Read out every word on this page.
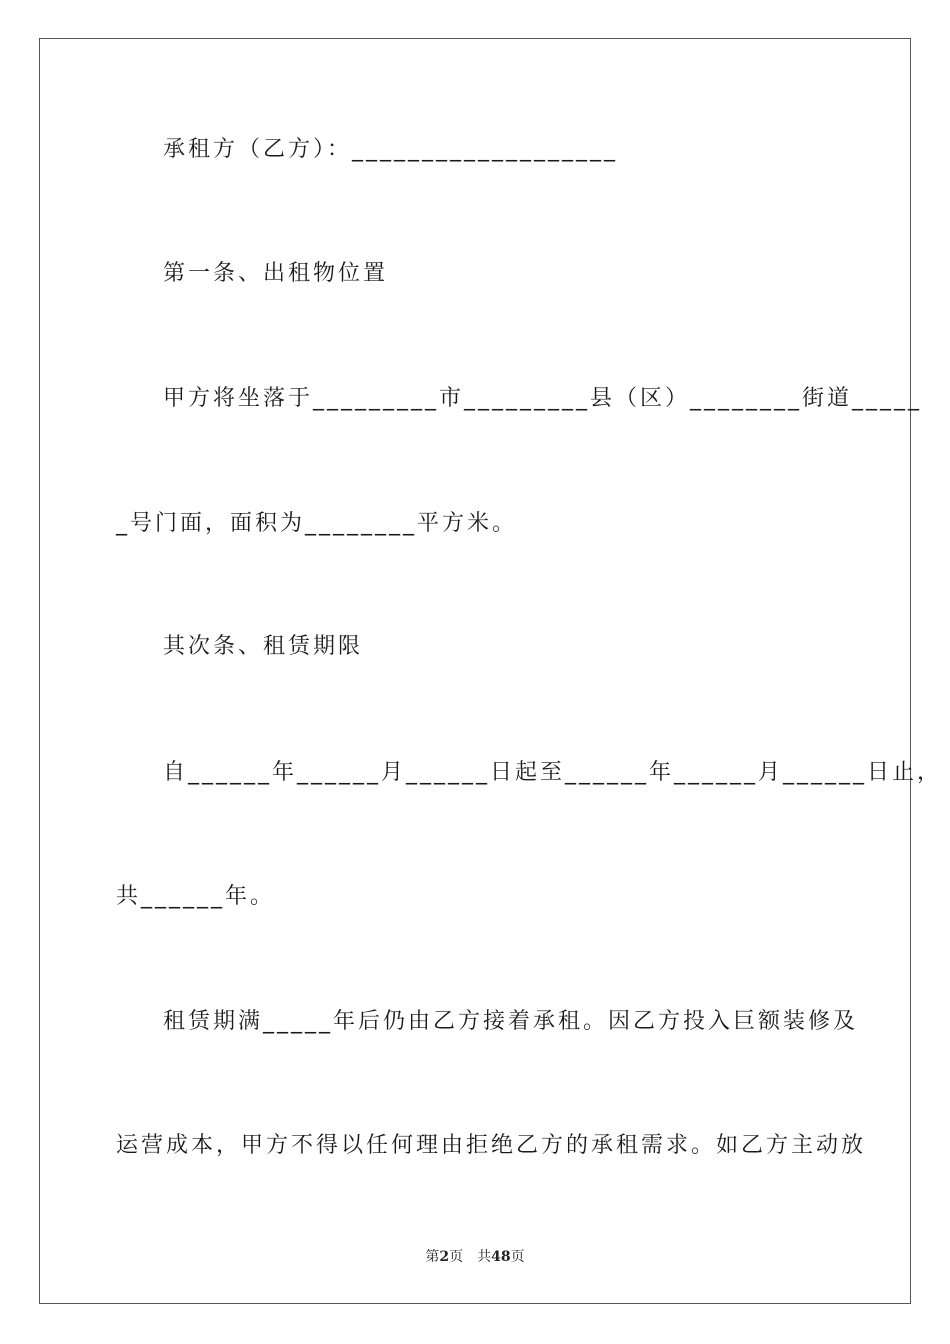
承租方（乙方）：___________________
第一条、出租物位置
甲方将坐落于_________市_________县（区）________街道_____
_号门面，面积为________平方米。
其次条、租赁期限
自______年______月______日起至______年______月______日止，
共______年。
租赁期满_____年后仍由乙方接着承租。因乙方投入巨额装修及
运营成本，甲方不得以任何理由拒绝乙方的承租需求。如乙方主动放
第2页　共48页
